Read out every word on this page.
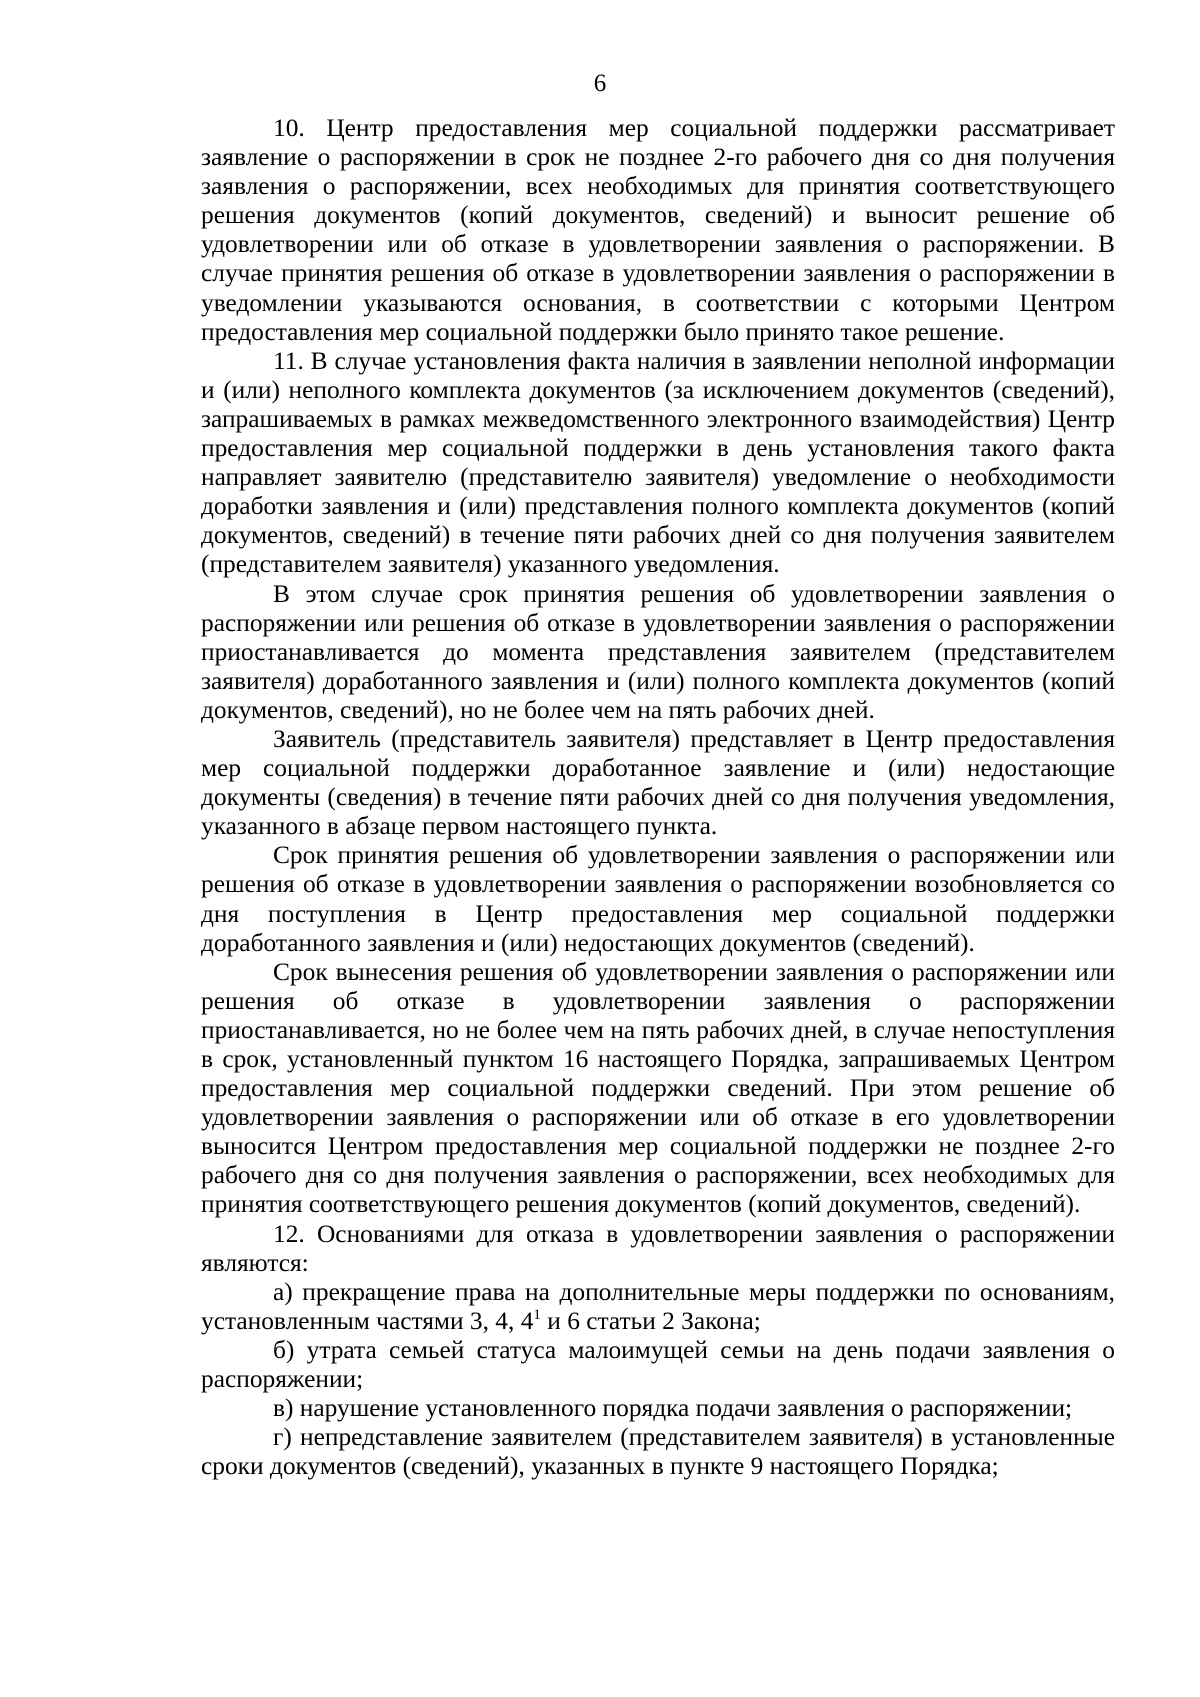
6

10. Центр предоставления мер социальной поддержки рассматривает заявление о распоряжении в срок не позднее 2-го рабочего дня со дня получения заявления о распоряжении, всех необходимых для принятия соответствующего решения документов (копий документов, сведений) и выносит решение об удовлетворении или об отказе в удовлетворении заявления о распоряжении. В случае принятия решения об отказе в удовлетворении заявления о распоряжении в уведомлении указываются основания, в соответствии с которыми Центром предоставления мер социальной поддержки было принято такое решение.

11. В случае установления факта наличия в заявлении неполной информации и (или) неполного комплекта документов (за исключением документов (сведений), запрашиваемых в рамках межведомственного электронного взаимодействия) Центр предоставления мер социальной поддержки в день установления такого факта направляет заявителю (представителю заявителя) уведомление о необходимости доработки заявления и (или) представления полного комплекта документов (копий документов, сведений) в течение пяти рабочих дней со дня получения заявителем (представителем заявителя) указанного уведомления.

В этом случае срок принятия решения об удовлетворении заявления о распоряжении или решения об отказе в удовлетворении заявления о распоряжении приостанавливается до момента представления заявителем (представителем заявителя) доработанного заявления и (или) полного комплекта документов (копий документов, сведений), но не более чем на пять рабочих дней.

Заявитель (представитель заявителя) представляет в Центр предоставления мер социальной поддержки доработанное заявление и (или) недостающие документы (сведения) в течение пяти рабочих дней со дня получения уведомления, указанного в абзаце первом настоящего пункта.

Срок принятия решения об удовлетворении заявления о распоряжении или решения об отказе в удовлетворении заявления о распоряжении возобновляется со дня поступления в Центр предоставления мер социальной поддержки доработанного заявления и (или) недостающих документов (сведений).

Срок вынесения решения об удовлетворении заявления о распоряжении или решения об отказе в удовлетворении заявления о распоряжении приостанавливается, но не более чем на пять рабочих дней, в случае непоступления в срок, установленный пунктом 16 настоящего Порядка, запрашиваемых Центром предоставления мер социальной поддержки сведений. При этом решение об удовлетворении заявления о распоряжении или об отказе в его удовлетворении выносится Центром предоставления мер социальной поддержки не позднее 2-го рабочего дня со дня получения заявления о распоряжении, всех необходимых для принятия соответствующего решения документов (копий документов, сведений).

12. Основаниями для отказа в удовлетворении заявления о распоряжении являются:

а) прекращение права на дополнительные меры поддержки по основаниям, установленным частями 3, 4, $4^1$ и 6 статьи 2 Закона;

б) утрата семьей статуса малоимущей семьи на день подачи заявления о распоряжении;

в) нарушение установленного порядка подачи заявления о распоряжении;

г) непредставление заявителем (представителем заявителя) в установленные сроки документов (сведений), указанных в пункте 9 настоящего Порядка;
